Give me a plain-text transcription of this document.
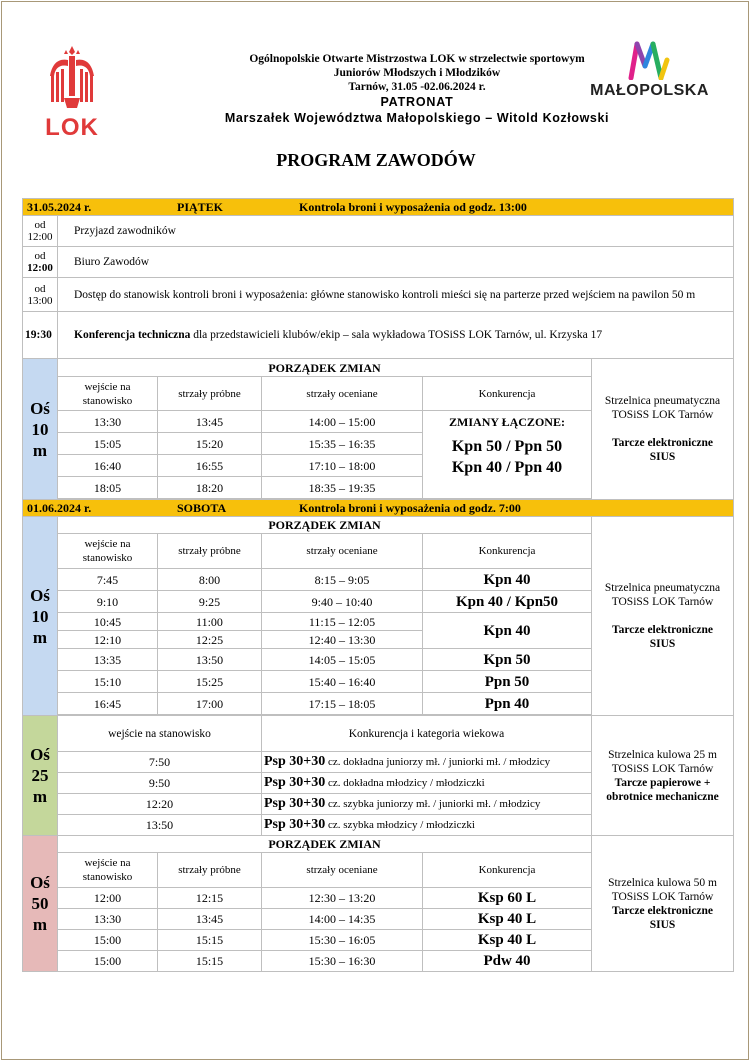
LOK
MAŁOPOLSKA
Ogólnopolskie Otwarte Mistrzostwa LOK w strzelectwie sportowym
Juniorów Młodszych i Młodzików
Tarnów, 31.05 -02.06.2024 r.
PATRONAT
Marszałek Województwa Małopolskiego – Witold Kozłowski
PROGRAM ZAWODÓW
31.05.2024 r. PIĄTEK Kontrola broni i wyposażenia od godz. 13:00					
od
12:00	Przyjazd zawodników				
od
12:00	Biuro Zawodów				
od
13:00	Dostęp do stanowisk kontroli broni i wyposażenia: główne stanowisko kontroli mieści się na parterze przed wejściem na pawilon 50 m				
19:30	Konferencja techniczna dla przedstawicieli klubów/ekip – sala wykładowa TOSiSS LOK Tarnów, ul. Krzyska 17				
Oś
10
m	PORZĄDEK ZMIAN				Strzelnica pneumatyczna
TOSiSS LOK Tarnów

Tarcze elektroniczne
SIUS
	wejście na stanowisko	strzały próbne	strzały oceniane	Konkurencja	
	13:30	13:45	14:00 – 15:00	ZMIANY ŁĄCZONE:
Kpn 50 / Ppn 50
Kpn 40 / Ppn 40	

	15:05	15:20	15:35 – 16:35		
	16:40	16:55	17:10 – 18:00		
	18:05	18:20	18:35 – 19:35		

01.06.2024 r. SOBOTA Kontrola broni i wyposażenia od godz. 7:00					
Oś
10
m	PORZĄDEK ZMIAN				Strzelnica pneumatyczna
TOSiSS LOK Tarnów

Tarcze elektroniczne
SIUS
	wejście na stanowisko	strzały próbne	strzały oceniane	Konkurencja	
	7:45	8:00	8:15 – 9:05	Kpn 40	
	9:10	9:25	9:40 – 10:40	Kpn 40 / Kpn50	
	10:45	11:00	11:15 – 12:05	Kpn 40	
	12:10	12:25	12:40 – 13:30		
	13:35	13:50	14:05 – 15:05	Kpn 50	
	15:10	15:25	15:40 – 16:40	Ppn 50	
	16:45	17:00	17:15 – 18:05	Ppn 40	

Oś
25
m	wejście na stanowisko		Konkurencja i kategoria wiekowa		Strzelnica kulowa 25 m
TOSiSS LOK Tarnów
Tarcze papierowe +
obrotnice mechaniczne
	7:50		Psp 30+30 cz. dokładna juniorzy mł. / juniorki mł. / młodzicy		
	9:50		Psp 30+30 cz. dokładna młodzicy / młodziczki		
	12:20		Psp 30+30 cz. szybka juniorzy mł. / juniorki mł. / młodzicy		
	13:50		Psp 30+30 cz. szybka młodzicy / młodziczki		
Oś
50
m	PORZĄDEK ZMIAN				Strzelnica kulowa 50 m
TOSiSS LOK Tarnów
Tarcze elektroniczne
SIUS
	wejście na stanowisko	strzały próbne	strzały oceniane	Konkurencja	
	12:00	12:15	12:30 – 13:20	Ksp 60 L	
	13:30	13:45	14:00 – 14:35	Ksp 40 L	
	15:00	15:15	15:30 – 16:05	Ksp 40 L	
	15:00	15:15	15:30 – 16:30	Pdw 40	
